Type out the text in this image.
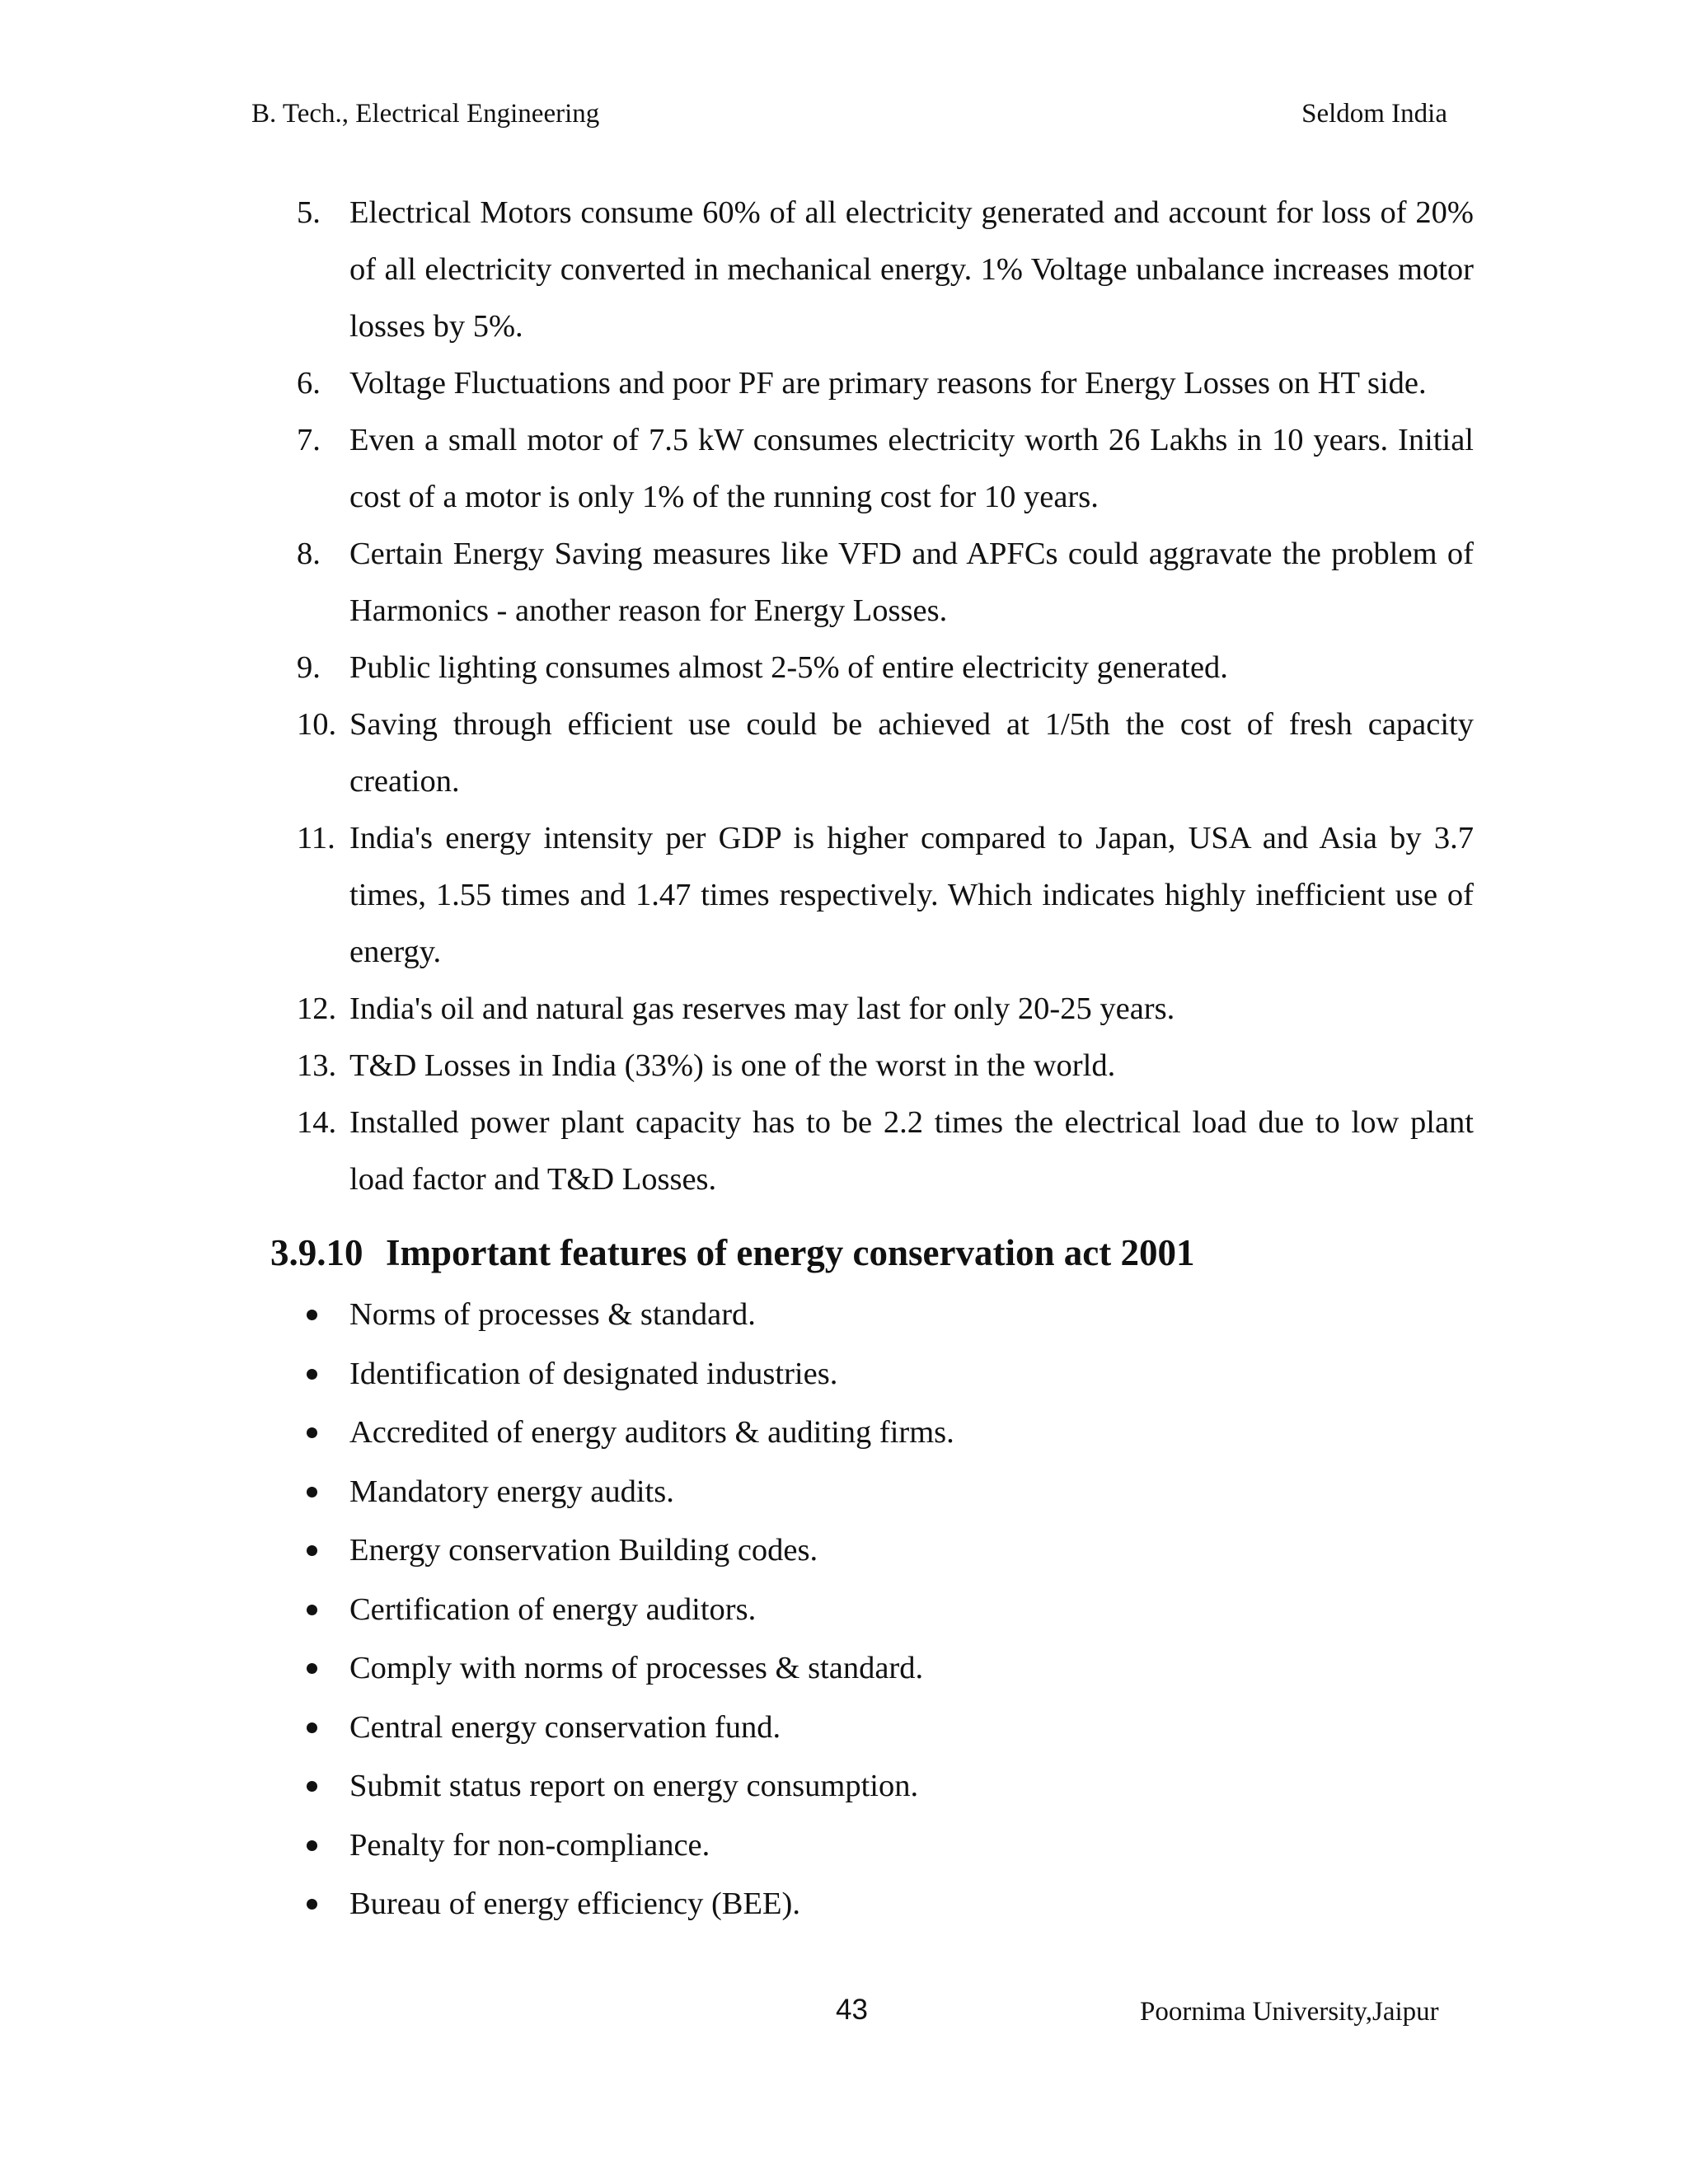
B. Tech., Electrical Engineering	Seldom India
5. Electrical Motors consume 60% of all electricity generated and account for loss of 20% of all electricity converted in mechanical energy. 1% Voltage unbalance increases motor losses by 5%.
6. Voltage Fluctuations and poor PF are primary reasons for Energy Losses on HT side.
7. Even a small motor of 7.5 kW consumes electricity worth 26 Lakhs in 10 years. Initial cost of a motor is only 1% of the running cost for 10 years.
8. Certain Energy Saving measures like VFD and APFCs could aggravate the problem of Harmonics - another reason for Energy Losses.
9. Public lighting consumes almost 2-5% of entire electricity generated.
10. Saving through efficient use could be achieved at 1/5th the cost of fresh capacity creation.
11. India's energy intensity per GDP is higher compared to Japan, USA and Asia by 3.7 times, 1.55 times and 1.47 times respectively. Which indicates highly inefficient use of energy.
12. India's oil and natural gas reserves may last for only 20-25 years.
13. T&D Losses in India (33%) is one of the worst in the world.
14. Installed power plant capacity has to be 2.2 times the electrical load due to low plant load factor and T&D Losses.
3.9.10 Important features of energy conservation act 2001
Norms of processes & standard.
Identification of designated industries.
Accredited of energy auditors & auditing firms.
Mandatory energy audits.
Energy conservation Building codes.
Certification of energy auditors.
Comply with norms of processes & standard.
Central energy conservation fund.
Submit status report on energy consumption.
Penalty for non-compliance.
Bureau of energy efficiency (BEE).
43	Poornima University,Jaipur
